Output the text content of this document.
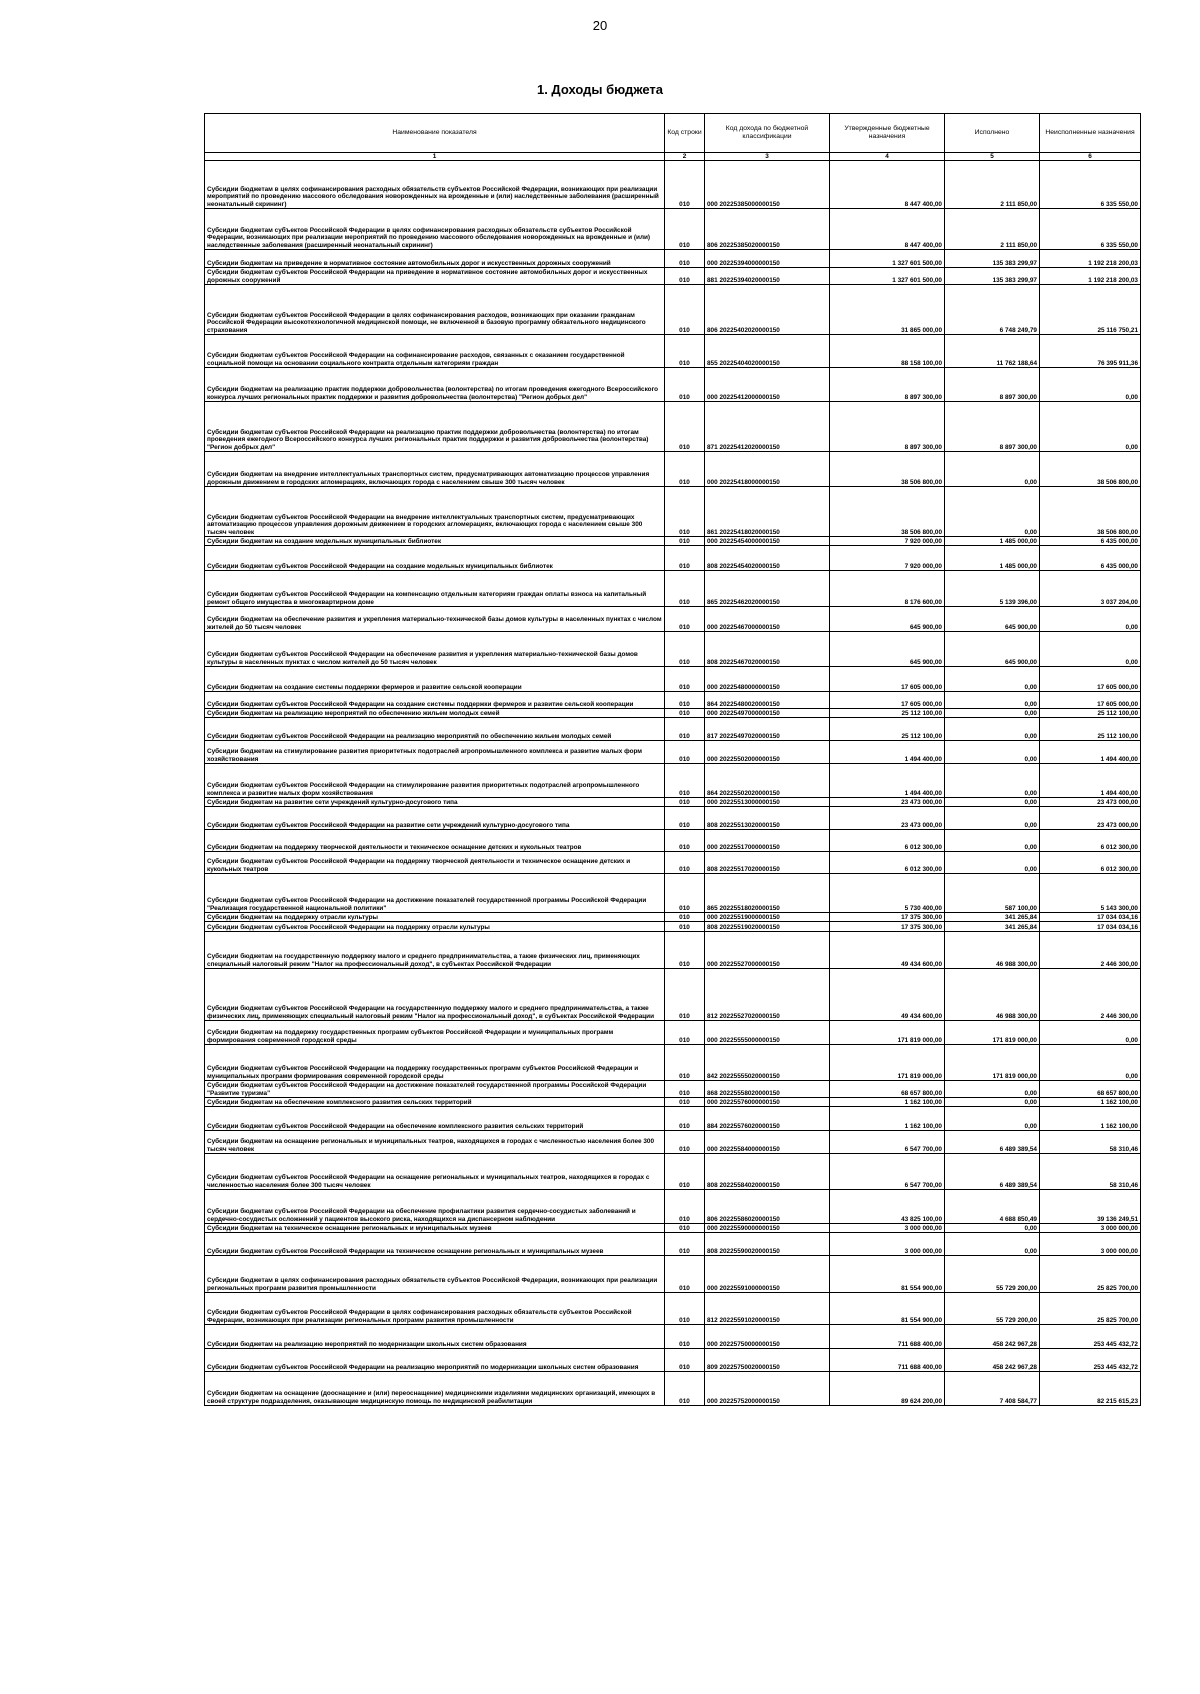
20
1. Доходы бюджета
Наименование показателя	Код строки	Код дохода по бюджетной классификации	Утвержденные бюджетные назначения	Исполнено	Неисполненные назначения
1	2	3	4	5	6
Субсидии бюджетам в целях софинансирования расходных обязательств субъектов Российской Федерации, возникающих при реализации мероприятий по проведению массового обследования новорожденных на врожденные и (или) наследственные заболевания (расширенный неонатальный скрининг)	010	000 20225385000000150	8 447 400,00	2 111 850,00	6 335 550,00
Субсидии бюджетам субъектов Российской Федерации в целях софинансирования расходных обязательств субъектов Российской Федерации, возникающих при реализации мероприятий по проведению массового обследования новорожденных на врожденные и (или) наследственные заболевания (расширенный неонатальный скрининг)	010	806 20225385020000150	8 447 400,00	2 111 850,00	6 335 550,00
Субсидии бюджетам на приведение в нормативное состояние автомобильных дорог и искусственных дорожных сооружений	010	000 20225394000000150	1 327 601 500,00	135 383 299,97	1 192 218 200,03
Субсидии бюджетам субъектов Российской Федерации на приведение в нормативное состояние автомобильных дорог и искусственных дорожных сооружений	010	881 20225394020000150	1 327 601 500,00	135 383 299,97	1 192 218 200,03
Субсидии бюджетам субъектов Российской Федерации в целях софинансирования расходов, возникающих при оказании гражданам Российской Федерации высокотехнологичной медицинской помощи, не включенной в базовую программу обязательного медицинского страхования	010	806 20225402020000150	31 865 000,00	6 748 249,79	25 116 750,21
Субсидии бюджетам субъектов Российской Федерации на софинансирование расходов, связанных с оказанием государственной социальной помощи на основании социального контракта отдельным категориям граждан	010	855 20225404020000150	88 158 100,00	11 762 188,64	76 395 911,36
Субсидии бюджетам на реализацию практик поддержки добровольчества (волонтерства) по итогам проведения ежегодного Всероссийского конкурса лучших региональных практик поддержки и развития добровольчества (волонтерства) "Регион добрых дел"	010	000 20225412000000150	8 897 300,00	8 897 300,00	0,00
Субсидии бюджетам субъектов Российской Федерации на реализацию практик поддержки добровольчества (волонтерства) по итогам проведения ежегодного Всероссийского конкурса лучших региональных практик поддержки и развития добровольчества (волонтерства) "Регион добрых дел"	010	871 20225412020000150	8 897 300,00	8 897 300,00	0,00
Субсидии бюджетам на внедрение интеллектуальных транспортных систем, предусматривающих автоматизацию процессов управления дорожным движением в городских агломерациях, включающих города с населением свыше 300 тысяч человек	010	000 20225418000000150	38 506 800,00	0,00	38 506 800,00
Субсидии бюджетам субъектов Российской Федерации на внедрение интеллектуальных транспортных систем, предусматривающих автоматизацию процессов управления дорожным движением в городских агломерациях, включающих города с населением свыше 300 тысяч человек	010	861 20225418020000150	38 506 800,00	0,00	38 506 800,00
Субсидии бюджетам на создание модельных муниципальных библиотек	010	000 20225454000000150	7 920 000,00	1 485 000,00	6 435 000,00
Субсидии бюджетам субъектов Российской Федерации на создание модельных муниципальных библиотек	010	808 20225454020000150	7 920 000,00	1 485 000,00	6 435 000,00
Субсидии бюджетам субъектов Российской Федерации на компенсацию отдельным категориям граждан оплаты взноса на капитальный ремонт общего имущества в многоквартирном доме	010	865 20225462020000150	8 176 600,00	5 139 396,00	3 037 204,00
Субсидии бюджетам на обеспечение развития и укрепления материально-технической базы домов культуры в населенных пунктах с числом жителей до 50 тысяч человек	010	000 20225467000000150	645 900,00	645 900,00	0,00
Субсидии бюджетам субъектов Российской Федерации на обеспечение развития и укрепления материально-технической базы домов культуры в населенных пунктах с числом жителей до 50 тысяч человек	010	808 20225467020000150	645 900,00	645 900,00	0,00
Субсидии бюджетам на создание системы поддержки фермеров и развитие сельской кооперации	010	000 20225480000000150	17 605 000,00	0,00	17 605 000,00
Субсидии бюджетам субъектов Российской Федерации на создание системы поддержки фермеров и развитие сельской кооперации	010	864 20225480020000150	17 605 000,00	0,00	17 605 000,00
Субсидии бюджетам на реализацию мероприятий по обеспечению жильем молодых семей	010	000 20225497000000150	25 112 100,00	0,00	25 112 100,00
Субсидии бюджетам субъектов Российской Федерации на реализацию мероприятий по обеспечению жильем молодых семей	010	817 20225497020000150	25 112 100,00	0,00	25 112 100,00
Субсидии бюджетам на стимулирование развития приоритетных подотраслей агропромышленного комплекса и развитие малых форм хозяйствования	010	000 20225502000000150	1 494 400,00	0,00	1 494 400,00
Субсидии бюджетам субъектов Российской Федерации на стимулирование развития приоритетных подотраслей агропромышленного комплекса и развитие малых форм хозяйствования	010	864 20225502020000150	1 494 400,00	0,00	1 494 400,00
Субсидии бюджетам на развитие сети учреждений культурно-досугового типа	010	000 20225513000000150	23 473 000,00	0,00	23 473 000,00
Субсидии бюджетам субъектов Российской Федерации на развитие сети учреждений культурно-досугового типа	010	808 20225513020000150	23 473 000,00	0,00	23 473 000,00
Субсидии бюджетам на поддержку творческой деятельности и техническое оснащение детских и кукольных театров	010	000 20225517000000150	6 012 300,00	0,00	6 012 300,00
Субсидии бюджетам субъектов Российской Федерации на поддержку творческой деятельности и техническое оснащение детских и кукольных театров	010	808 20225517020000150	6 012 300,00	0,00	6 012 300,00
Субсидии бюджетам субъектов Российской Федерации на достижение показателей государственной программы Российской Федерации "Реализация государственной национальной политики"	010	865 20225518020000150	5 730 400,00	587 100,00	5 143 300,00
Субсидии бюджетам на поддержку отрасли культуры	010	000 20225519000000150	17 375 300,00	341 265,84	17 034 034,16
Субсидии бюджетам субъектов Российской Федерации на поддержку отрасли культуры	010	808 20225519020000150	17 375 300,00	341 265,84	17 034 034,16
Субсидии бюджетам на государственную поддержку малого и среднего предпринимательства, а также физических лиц, применяющих специальный налоговый режим "Налог на профессиональный доход", в субъектах Российской Федерации	010	000 20225527000000150	49 434 600,00	46 988 300,00	2 446 300,00
Субсидии бюджетам субъектов Российской Федерации на государственную поддержку малого и среднего предпринимательства, а также физических лиц, применяющих специальный налоговый режим "Налог на профессиональный доход", в субъектах Российской Федерации	010	812 20225527020000150	49 434 600,00	46 988 300,00	2 446 300,00
Субсидии бюджетам на поддержку государственных программ субъектов Российской Федерации и муниципальных программ формирования современной городской среды	010	000 20225555000000150	171 819 000,00	171 819 000,00	0,00
Субсидии бюджетам субъектов Российской Федерации на поддержку государственных программ субъектов Российской Федерации и муниципальных программ формирования современной городской среды	010	842 20225555020000150	171 819 000,00	171 819 000,00	0,00
Субсидии бюджетам субъектов Российской Федерации на достижение показателей государственной программы Российской Федерации "Развитие туризма"	010	868 20225558020000150	68 657 800,00	0,00	68 657 800,00
Субсидии бюджетам на обеспечение комплексного развития сельских территорий	010	000 20225576000000150	1 162 100,00	0,00	1 162 100,00
Субсидии бюджетам субъектов Российской Федерации на обеспечение комплексного развития сельских территорий	010	884 20225576020000150	1 162 100,00	0,00	1 162 100,00
Субсидии бюджетам на оснащение региональных и муниципальных театров, находящихся в городах с численностью населения более 300 тысяч человек	010	000 20225584000000150	6 547 700,00	6 489 389,54	58 310,46
Субсидии бюджетам субъектов Российской Федерации на оснащение региональных и муниципальных театров, находящихся в городах с численностью населения более 300 тысяч человек	010	808 20225584020000150	6 547 700,00	6 489 389,54	58 310,46
Субсидии бюджетам субъектов Российской Федерации на обеспечение профилактики развития сердечно-сосудистых заболеваний и сердечно-сосудистых осложнений у пациентов высокого риска, находящихся на диспансерном наблюдении	010	806 20225586020000150	43 825 100,00	4 688 850,49	39 136 249,51
Субсидии бюджетам на техническое оснащение региональных и муниципальных музеев	010	000 20225590000000150	3 000 000,00	0,00	3 000 000,00
Субсидии бюджетам субъектов Российской Федерации на техническое оснащение региональных и муниципальных музеев	010	808 20225590020000150	3 000 000,00	0,00	3 000 000,00
Субсидии бюджетам в целях софинансирования расходных обязательств субъектов Российской Федерации, возникающих при реализации региональных программ развития промышленности	010	000 20225591000000150	81 554 900,00	55 729 200,00	25 825 700,00
Субсидии бюджетам субъектов Российской Федерации в целях софинансирования расходных обязательств субъектов Российской Федерации, возникающих при реализации региональных программ развития промышленности	010	812 20225591020000150	81 554 900,00	55 729 200,00	25 825 700,00
Субсидии бюджетам на реализацию мероприятий по модернизации школьных систем образования	010	000 20225750000000150	711 688 400,00	458 242 967,28	253 445 432,72
Субсидии бюджетам субъектов Российской Федерации на реализацию мероприятий по модернизации школьных систем образования	010	809 20225750020000150	711 688 400,00	458 242 967,28	253 445 432,72
Субсидии бюджетам на оснащение (дооснащение и (или) переоснащение) медицинскими изделиями медицинских организаций, имеющих в своей структуре подразделения, оказывающие медицинскую помощь по медицинской реабилитации	010	000 20225752000000150	89 624 200,00	7 408 584,77	82 215 615,23
